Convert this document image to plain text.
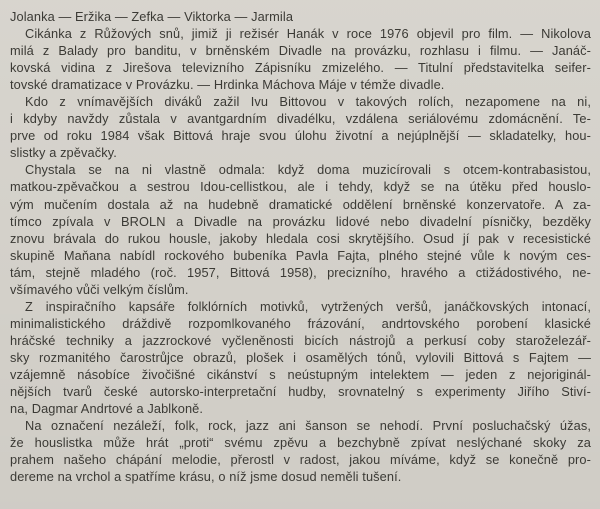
Jolanka — Eržika — Zefka — Viktorka — Jarmila

Cikánka z Růžových snů, jimiž ji režisér Hanák v roce 1976 objevil pro film. — Nikolova
milá z Balady pro banditu, v brněnském Divadle na provázku, rozhlasu i filmu. — Janáč-
kovská vidina z Jirešova televizního Zápisníku zmizelého. — Titulní představitelka seifer-
tovské dramatizace v Provázku. — Hrdinka Máchova Máje v témže divadle.

Kdo z vnímavějších diváků zažil Ivu Bittovou v takových rolích, nezapomene na ni,
i kdyby navždy zůstala v avantgardním divadélku, vzdálena seriálovému zdomácnění. Te-
prve od roku 1984 však Bittová hraje svou úlohu životní a nejúplnější — skladatelky, hou-
slistky a zpěvačky.

Chystala se na ni vlastně odmala: když doma muzicírovali s otcem-kontrabasistou,
matkou-zpěvačkou a sestrou Idou-cellistkou, ale i tehdy, když se na útěku před houslo-
vým mučením dostala až na hudebně dramatické oddělení brněnské konzervatoře. A za-
tímco zpívala v BROLN a Divadle na provázku lidové nebo divadelní písničky, bezděky
znovu brávala do rukou housle, jakoby hledala cosi skrytějšího. Osud jí pak v recesistické
skupině Maňana nabídl rockového bubeníka Pavla Fajta, plného stejné vůle k novým ces-
tám, stejně mladého (roč. 1957, Bittová 1958), precizního, hravého a ctižádostivého, ne-
všímavého vůči velkým číslům.

Z inspiračního kapsáře folklórních motivků, vytržených veršů, janáčkovských intonací,
minimalistického dráždivě rozpomlkovaného frázování, andrtovského porobení klasické
hráčské techniky a jazzrockové vyčleněnosti bicích nástrojů a perkusí coby staroželezář-
sky rozmanitého čarostrůjce obrazů, plošek i osamělých tónů, vylovili Bittová s Fajtem —
vzájemně násobíce živočišné cikánství s neústupným intelektem — jeden z nejoriginál-
nějších tvarů české autorsko-interpretační hudby, srovnatelný s experimenty Jiřího Stiví-
na, Dagmar Andrtové a Jablkoně.

Na označení nezáleží, folk, rock, jazz ani šanson se nehodí. První posluchačský úžas,
že houslistka může hrát „proti“ svému zpěvu a bezchybně zpívat neslýchané skoky za
prahem našeho chápání melodie, přerostl v radost, jakou míváme, když se konečně pro-
dereme na vrchol a spatříme krásu, o níž jsme dosud neměli tušení.
